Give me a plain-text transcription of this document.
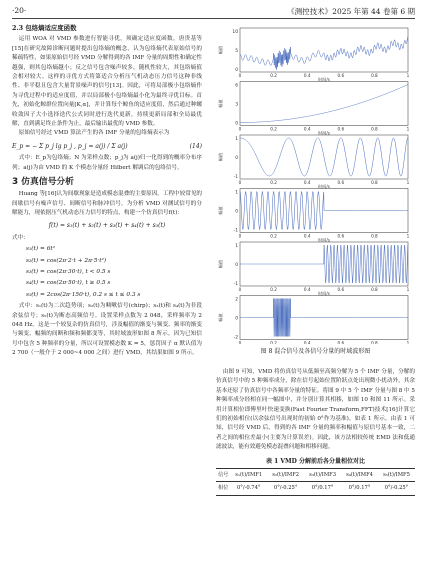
·20·	《测控技术》2025 年第 44 卷第 6 期
2.3 包络熵适应度函数

运用 WOA 对 VMD 参数进行智能寻优，须确定适应度函数。唐贵基等[15]在研究故障诊断问题时提出包络熵的概念，认为包络熵代表原始信号的稀疏特性，如果原始信号经 VMD 分解得到的各 IMF 分量的周期性和确定性越强，则其包络熵越小；反之信号包含噪声较多，随机性较大，其包络熵值会相对较大。这样的寻优方式将第适合分析压气机动态压力信号这种非线性、非平稳且包含大量背景噪声的信号[13]。因此，可将局部极小包络熵作为寻优过程中的适应度值，并以局部极小包络熵最小化为最终寻优目标。首先，初始化鲸群位置向量[K,α]，并计算每个鲸鱼的适应度值，然后通过种螺收敛因子大小选择迭代公式同时进行迭代更新，持续更新局部和全局最优解，直到满足终止条件为止，最后输出最优的 VMD 参数。

原始信号经过 VMD 算法产生的各 IMF 分量的包络熵表示为

E_p = − Σ p_j lg p_j , p_j = a(j) / Σ a(j)	(14)

式中：E_p为包络熵；N 为采样点数；p_j为 a(j)归一化得到的概率分布序列；a(j)为由 VMD 的 K 个模态分量经 Hilbert 解调后的包络信号。

3 仿真信号分析

Huang 等[16]认为间歇现象是造成模态混叠的主要原因。工程中较常见的间歇信号有噪声信号、间断信号和脉冲信号。为分析 VMD 对测试信号的分解能力，现依据压气机动态压力信号的特点，构建一个仿真信号f(t)：

f(t) = s₁(t) + s₂(t) + s₃(t) + s₄(t) + s₅(t)
式中：
s₁(t) = 6t²
s₂(t) = cos(2π·2·t + 2π·5·t²)
s₃(t) = cos(2π·30·t), t < 0.5 s
s₄(t) = cos(2π·50·t), t ≥ 0.5 s
s₅(t) = 2cos(2π·150·t), 0.2 s ≤ t ≤ 0.3 s

式中：s₁(t)为二次趋势项；s₂(t)为啁啾信号(chirp)；s₃(t)和 s₄(t)为非段余弦信号；s₅(t)为断态高频信号。设置采样点数为 2 048，采样频率为 2 048 Hz。这是一个较复杂的仿真信号，涉及幅值的渐变与频变、频率的渐变与频变、幅频的间断和频和频都变等，其时域波形如图 8 所示。因为已知信号中包含 5 种频率的分量，所以可设置模态数 K = 5，惩罚因子 α 默认值为 2 700（一般介于 2 000~4 000 之间）进行 VMD，其结果如图 9 所示。

10
5
0
0	0.2	0.4	0.6	0.8	1
时间/s
幅值
6
3
0
0	0.2	0.4	0.6	0.8	1
时间/s
幅值
1
0
-1
0	0.2	0.4	0.6	0.8	1
时间/s
幅值
1
0
-1
0	0.2	0.4	0.6	0.8	1
时间/s
幅值
1
0
-1
0	0.2	0.4	0.6	0.8	1
时间/s
幅值
2
0
-2
0	0.2	0.4	0.6	0.8	1
幅值
图 8 混合信号及各信号分量的时域波形图

由图 9 可知，VMD 将仿真信号从低频至高频分解为 5 个 IMF 分量，分解的仿真信号中的 5 种频率成分，除在信号起始位置阶跃点处出现微小扰动外，其余基本还原了仿真信号中各频率分量的特征。将图 9 中 5 个 IMF 分量与图 8 中 5 种频率成分经相在同一幅图中，并分别计算其相移，如图 10 和图 11 所示。采用计算相位即傅里叶快速变换(Fast Fourier Transform,FFT)技术[16]计算它们的初始相位(以余弦信号出现时的初始 0°作为基准)，如表 1 所示。由表 1 可知，信号经 VMD 后，得到的各 IMF 分量的频率和幅值与原信号基本一致，二者之间的相位差最小(主要为计算误差)。因此，该方法相较传统 EMD 法和低通滤波法，能有效避免模态混叠问题和相移问题。

表 1 VMD 分解前后各分量相位对比
信号	s₁(t)/IMF1	s₂(t)/IMF2	s₃(t)/IMF3	s₄(t)/IMF4	s₅(t)/IMF5
相位	0°/-0.74°	0°/-0.25°	0°/0.17°	0°/0.17°	0°/-0.25°
